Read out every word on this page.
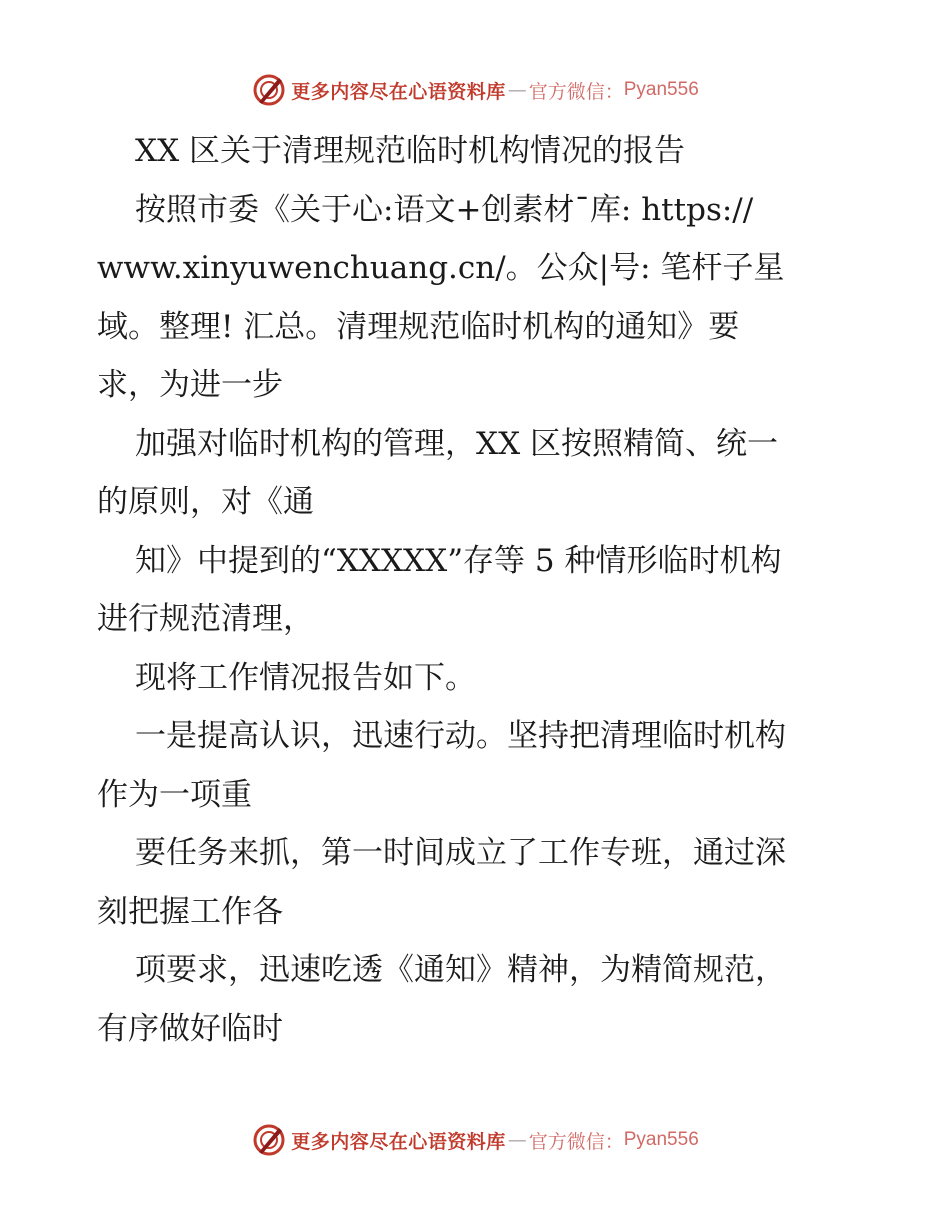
更多内容尽在心语资料库 — 官方微信： Pyan556

XX 区关于清理规范临时机构情况的报告

按照市委《关于心:语文+创素材¯库: https://

www.xinyuwenchuang.cn/。公众|号: 笔杆子星

域。整理! 汇总。清理规范临时机构的通知》要

求，为进一步

加强对临时机构的管理，XX 区按照精简、统一

的原则，对《通

知》中提到的“XXXXX”存等 5 种情形临时机构

进行规范清理，

现将工作情况报告如下。

一是提高认识，迅速行动。坚持把清理临时机构

作为一项重

要任务来抓，第一时间成立了工作专班，通过深

刻把握工作各

项要求，迅速吃透《通知》精神，为精简规范，

有序做好临时

更多内容尽在心语资料库 — 官方微信： Pyan556
